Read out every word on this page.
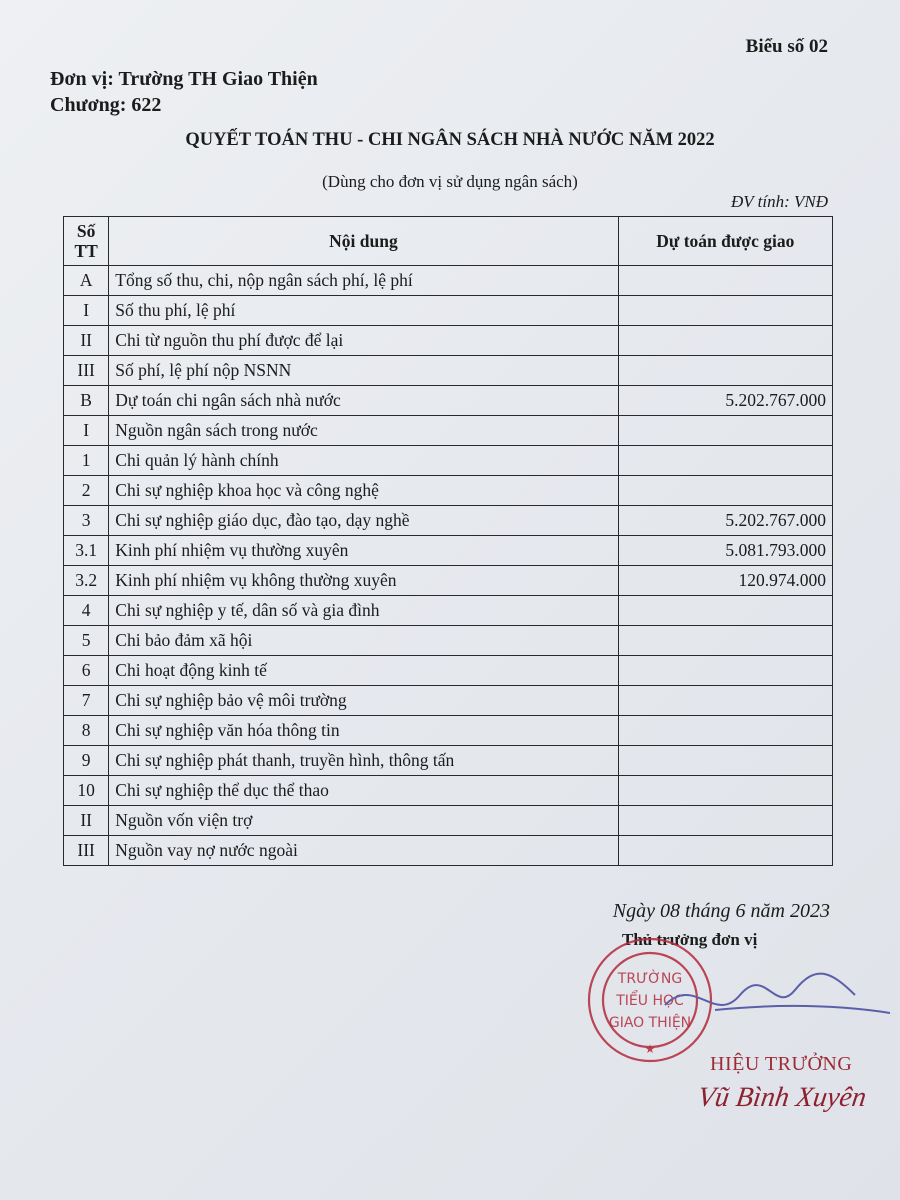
Biểu số 02
Đơn vị: Trường TH Giao Thiện
Chương: 622
QUYẾT TOÁN THU - CHI NGÂN SÁCH NHÀ NƯỚC NĂM 2022
(Dùng cho đơn vị sử dụng ngân sách)
ĐV tính: VNĐ
Số
TT	Nội dung	Dự toán được giao
A	Tổng số thu, chi, nộp ngân sách phí, lệ phí	
I	Số thu phí, lệ phí	
II	Chi từ nguồn thu phí được để lại	
III	Số phí, lệ phí nộp NSNN	
B	Dự toán chi ngân sách nhà nước	5.202.767.000
I	Nguồn ngân sách trong nước	
1	Chi quản lý hành chính	
2	Chi sự nghiệp khoa học và công nghệ	
3	Chi sự nghiệp giáo dục, đào tạo, dạy nghề	5.202.767.000
3.1	Kinh phí nhiệm vụ thường xuyên	5.081.793.000
3.2	Kinh phí nhiệm vụ không thường xuyên	120.974.000
4	Chi sự nghiệp y tế, dân số và gia đình	
5	Chi bảo đảm xã hội	
6	Chi hoạt động kinh tế	
7	Chi sự nghiệp bảo vệ môi trường	
8	Chi sự nghiệp văn hóa thông tin	
9	Chi sự nghiệp phát thanh, truyền hình, thông tấn	
10	Chi sự nghiệp thể dục thể thao	
II	Nguồn vốn viện trợ	
III	Nguồn vay nợ nước ngoài	
Ngày 08 tháng 6 năm 2023
Thủ trưởng đơn vị
TRƯỜNG
TIỂU HỌC
GIAO THIỆN
★
HIỆU TRƯỞNG
Vũ Bình Xuyên
